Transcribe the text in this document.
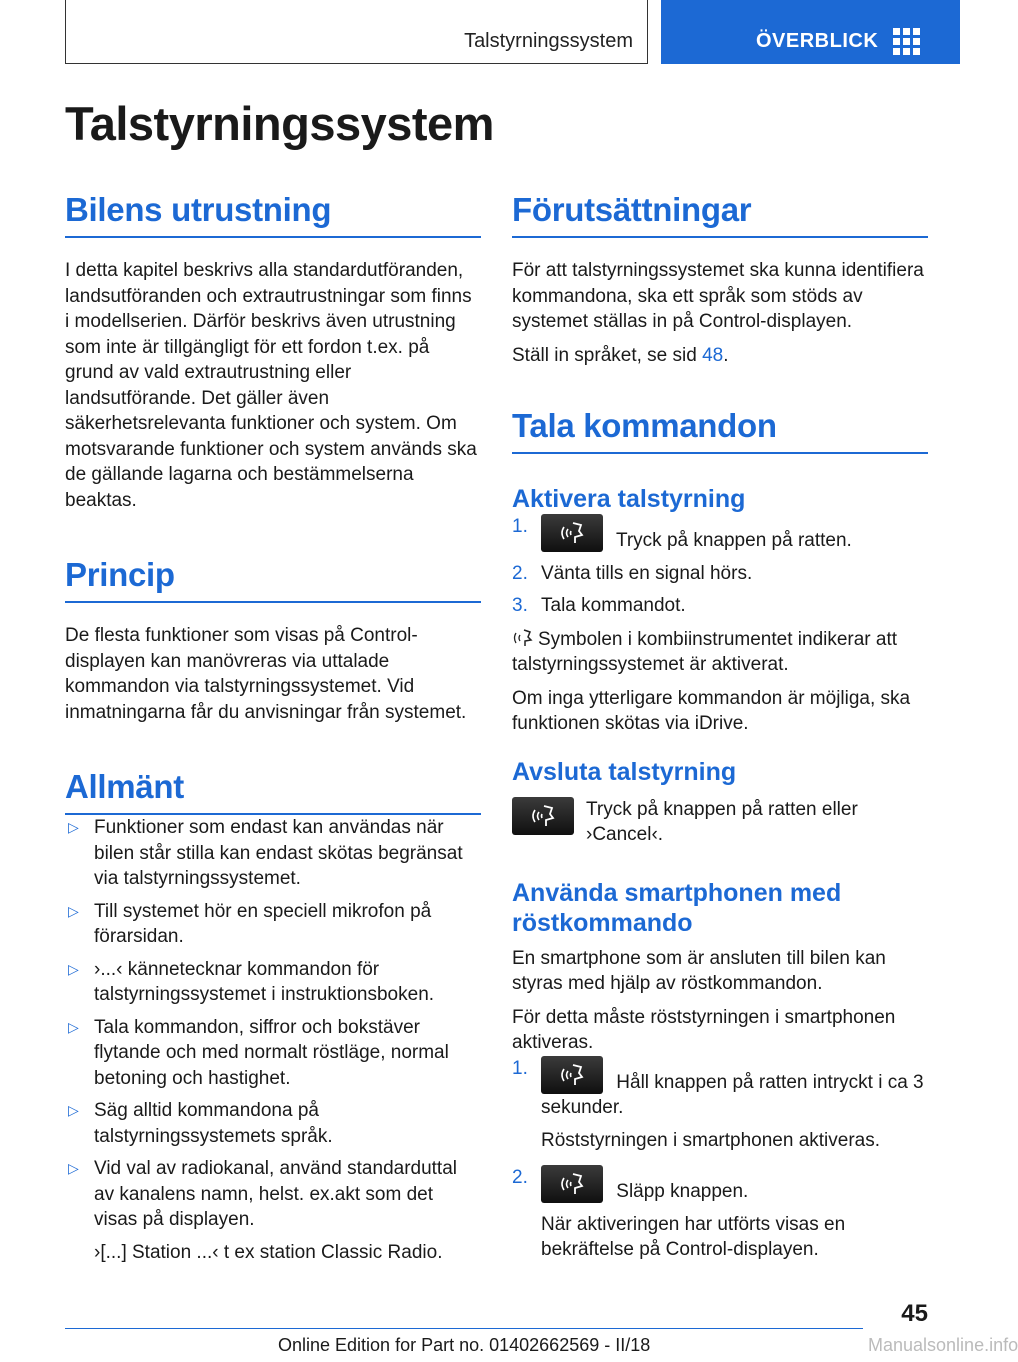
Talstyrningssystem	ÖVERBLICK
Talstyrningssystem
Bilens utrustning

I detta kapitel beskrivs alla standardutföranden, landsutföranden och extrautrustningar som finns i modellserien. Därför beskrivs även utrustning som inte är tillgängligt för ett fordon t.ex. på grund av vald extrautrustning eller landsutförande. Det gäller även säkerhetsrelevanta funktioner och system. Om motsvarande funktioner och system används ska de gällande lagarna och bestämmelserna beaktas.

Princip

De flesta funktioner som visas på Control-displayen kan manövreras via uttalade kommandon via talstyrningssystemet. Vid inmatningarna får du anvisningar från systemet.

Allmänt
▷ Funktioner som endast kan användas när bilen står stilla kan endast skötas begränsat via talstyrningssystemet.
▷ Till systemet hör en speciell mikrofon på förarsidan.
▷ ›...‹ kännetecknar kommandon för talstyrningssystemet i instruktionsboken.
▷ Tala kommandon, siffror och bokstäver flytande och med normalt röstläge, normal betoning och hastighet.
▷ Säg alltid kommandona på talstyrningssystemets språk.
▷ Vid val av radiokanal, använd standarduttal av kanalens namn, helst. ex.akt som det visas på displayen.
›[...] Station ...‹ t ex station Classic Radio.
Förutsättningar

För att talstyrningssystemet ska kunna identifiera kommandona, ska ett språk som stöds av systemet ställas in på Control-displayen.

Ställ in språket, se sid 48.

Tala kommandon
Aktivera talstyrning
1.
Tryck på knappen på ratten.
2. Vänta tills en signal hörs.
3. Tala kommandot.

Symbolen i kombiinstrumentet indikerar att talstyrningssystemet är aktiverat.

Om inga ytterligare kommandon är möjliga, ska funktionen skötas via iDrive.

Avsluta talstyrning

Tryck på knappen på ratten eller ›Cancel‹.

Använda smartphonen med röstkommando

En smartphone som är ansluten till bilen kan styras med hjälp av röstkommandon.

För detta måste röststyrningen i smartphonen aktiveras.

1.
Håll knappen på ratten intryckt i ca 3 sekunder.
Röststyrningen i smartphonen aktiveras.
2.
Släpp knappen.
När aktiveringen har utförts visas en bekräftelse på Control-displayen.
45
Online Edition for Part no. 01402662569 - II/18	Manualsonline.info
